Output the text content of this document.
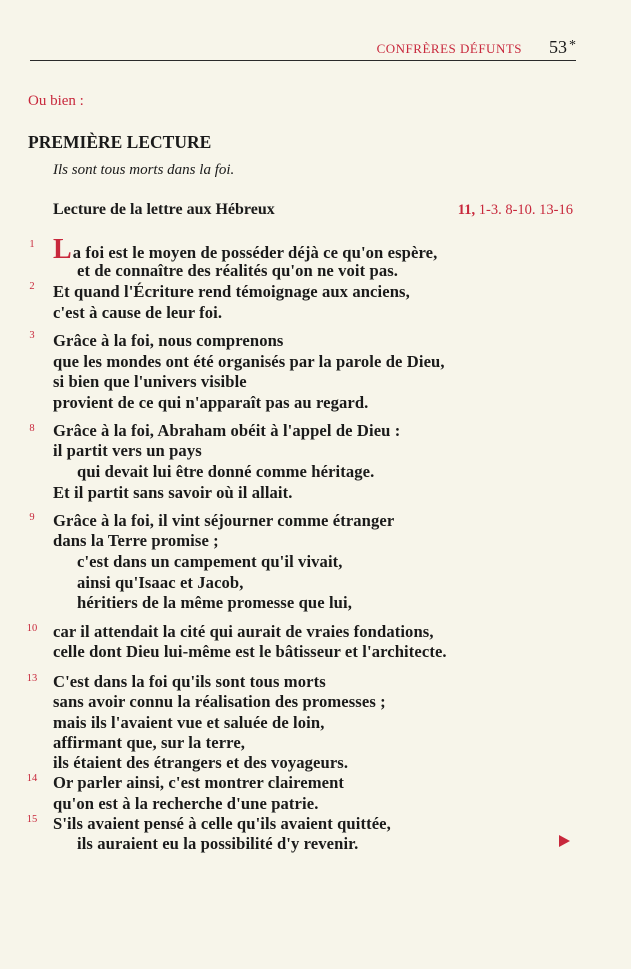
CONFRÈRES DÉFUNTS 53 *
Ou bien :
PREMIÈRE LECTURE
Ils sont tous morts dans la foi.
Lecture de la lettre aux Hébreux	11, 1-3. 8-10. 13-16
1
2
3
8
9
10
13
14
15
La foi est le moyen de posséder déjà ce qu'on espère,
et de connaître des réalités qu'on ne voit pas.
Et quand l'Écriture rend témoignage aux anciens,
c'est à cause de leur foi.
Grâce à la foi, nous comprenons
que les mondes ont été organisés par la parole de Dieu,
si bien que l'univers visible
provient de ce qui n'apparaît pas au regard.
Grâce à la foi, Abraham obéit à l'appel de Dieu :
il partit vers un pays
qui devait lui être donné comme héritage.
Et il partit sans savoir où il allait.
Grâce à la foi, il vint séjourner comme étranger
dans la Terre promise ;
c'est dans un campement qu'il vivait,
ainsi qu'Isaac et Jacob,
héritiers de la même promesse que lui,
car il attendait la cité qui aurait de vraies fondations,
celle dont Dieu lui-même est le bâtisseur et l'architecte.
C'est dans la foi qu'ils sont tous morts
sans avoir connu la réalisation des promesses ;
mais ils l'avaient vue et saluée de loin,
affirmant que, sur la terre,
ils étaient des étrangers et des voyageurs.
Or parler ainsi, c'est montrer clairement
qu'on est à la recherche d'une patrie.
S'ils avaient pensé à celle qu'ils avaient quittée,
ils auraient eu la possibilité d'y revenir.
